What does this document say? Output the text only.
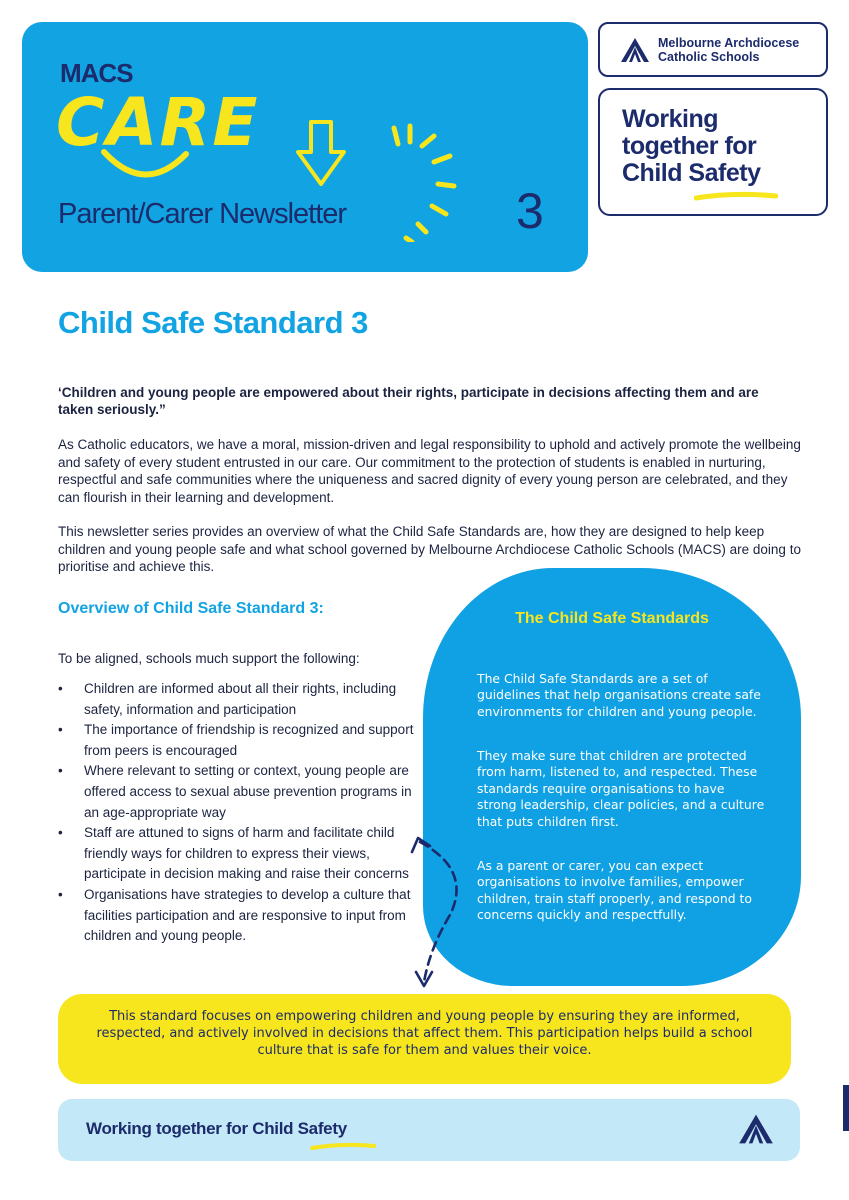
MACS
CARE
Parent/Carer Newsletter	3
Melbourne Archdiocese
Catholic Schools
Working
together for
Child Safety
Child Safe Standard 3

‘Children and young people are empowered about their rights, participate in decisions affecting them and are taken seriously.”

As Catholic educators, we have a moral, mission-driven and legal responsibility to uphold and actively promote the wellbeing and safety of every student entrusted in our care. Our commitment to the protection of students is enabled in nurturing, respectful and safe communities where the uniqueness and sacred dignity of every young person are celebrated, and they can flourish in their learning and development.

This newsletter series provides an overview of what the Child Safe Standards are, how they are designed to help keep children and young people safe and what school governed by Melbourne Archdiocese Catholic Schools (MACS) are doing to prioritise and achieve this.

Overview of Child Safe Standard 3:

To be aligned, schools much support the following:

• Children are informed about all their rights, including safety, information and participation
• The importance of friendship is recognized and support from peers is encouraged
• Where relevant to setting or context, young people are offered access to sexual abuse prevention programs in an age-appropriate way
• Staff are attuned to signs of harm and facilitate child friendly ways for children to express their views, participate in decision making and raise their concerns
• Organisations have strategies to develop a culture that facilities participation and are responsive to input from children and young people.
The Child Safe Standards

The Child Safe Standards are a set of guidelines that help organisations create safe environments for children and young people.

They make sure that children are protected from harm, listened to, and respected. These standards require organisations to have strong leadership, clear policies, and a culture that puts children first.

As a parent or carer, you can expect organisations to involve families, empower children, train staff properly, and respond to concerns quickly and respectfully.

This standard focuses on empowering children and young people by ensuring they are informed, respected, and actively involved in decisions that affect them. This participation helps build a school culture that is safe for them and values their voice.

Working together for Child Safety
